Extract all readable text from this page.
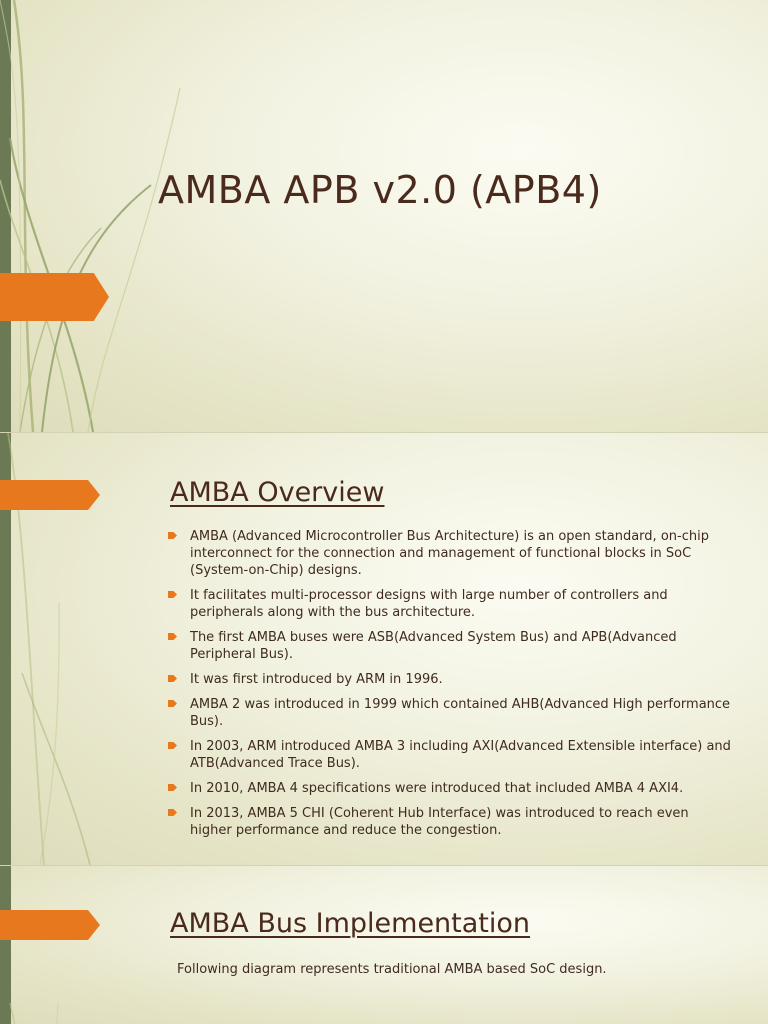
AMBA APB v2.0 (APB4)
AMBA Overview
AMBA (Advanced Microcontroller Bus Architecture) is an open standard, on-chip interconnect for the connection and management of functional blocks in SoC (System-on-Chip) designs.
It facilitates multi-processor designs with large number of controllers and peripherals along with the bus architecture.
The first AMBA buses were ASB(Advanced System Bus) and APB(Advanced Peripheral Bus).
It was first introduced by ARM in 1996.
AMBA 2 was introduced in 1999 which contained AHB(Advanced High performance Bus).
In 2003, ARM introduced AMBA 3 including AXI(Advanced Extensible interface) and ATB(Advanced Trace Bus).
In 2010, AMBA 4 specifications were introduced that included AMBA 4 AXI4.
In 2013, AMBA 5 CHI (Coherent Hub Interface) was introduced to reach even higher performance and reduce the congestion.
AMBA Bus Implementation

Following diagram represents traditional AMBA based SoC design.
